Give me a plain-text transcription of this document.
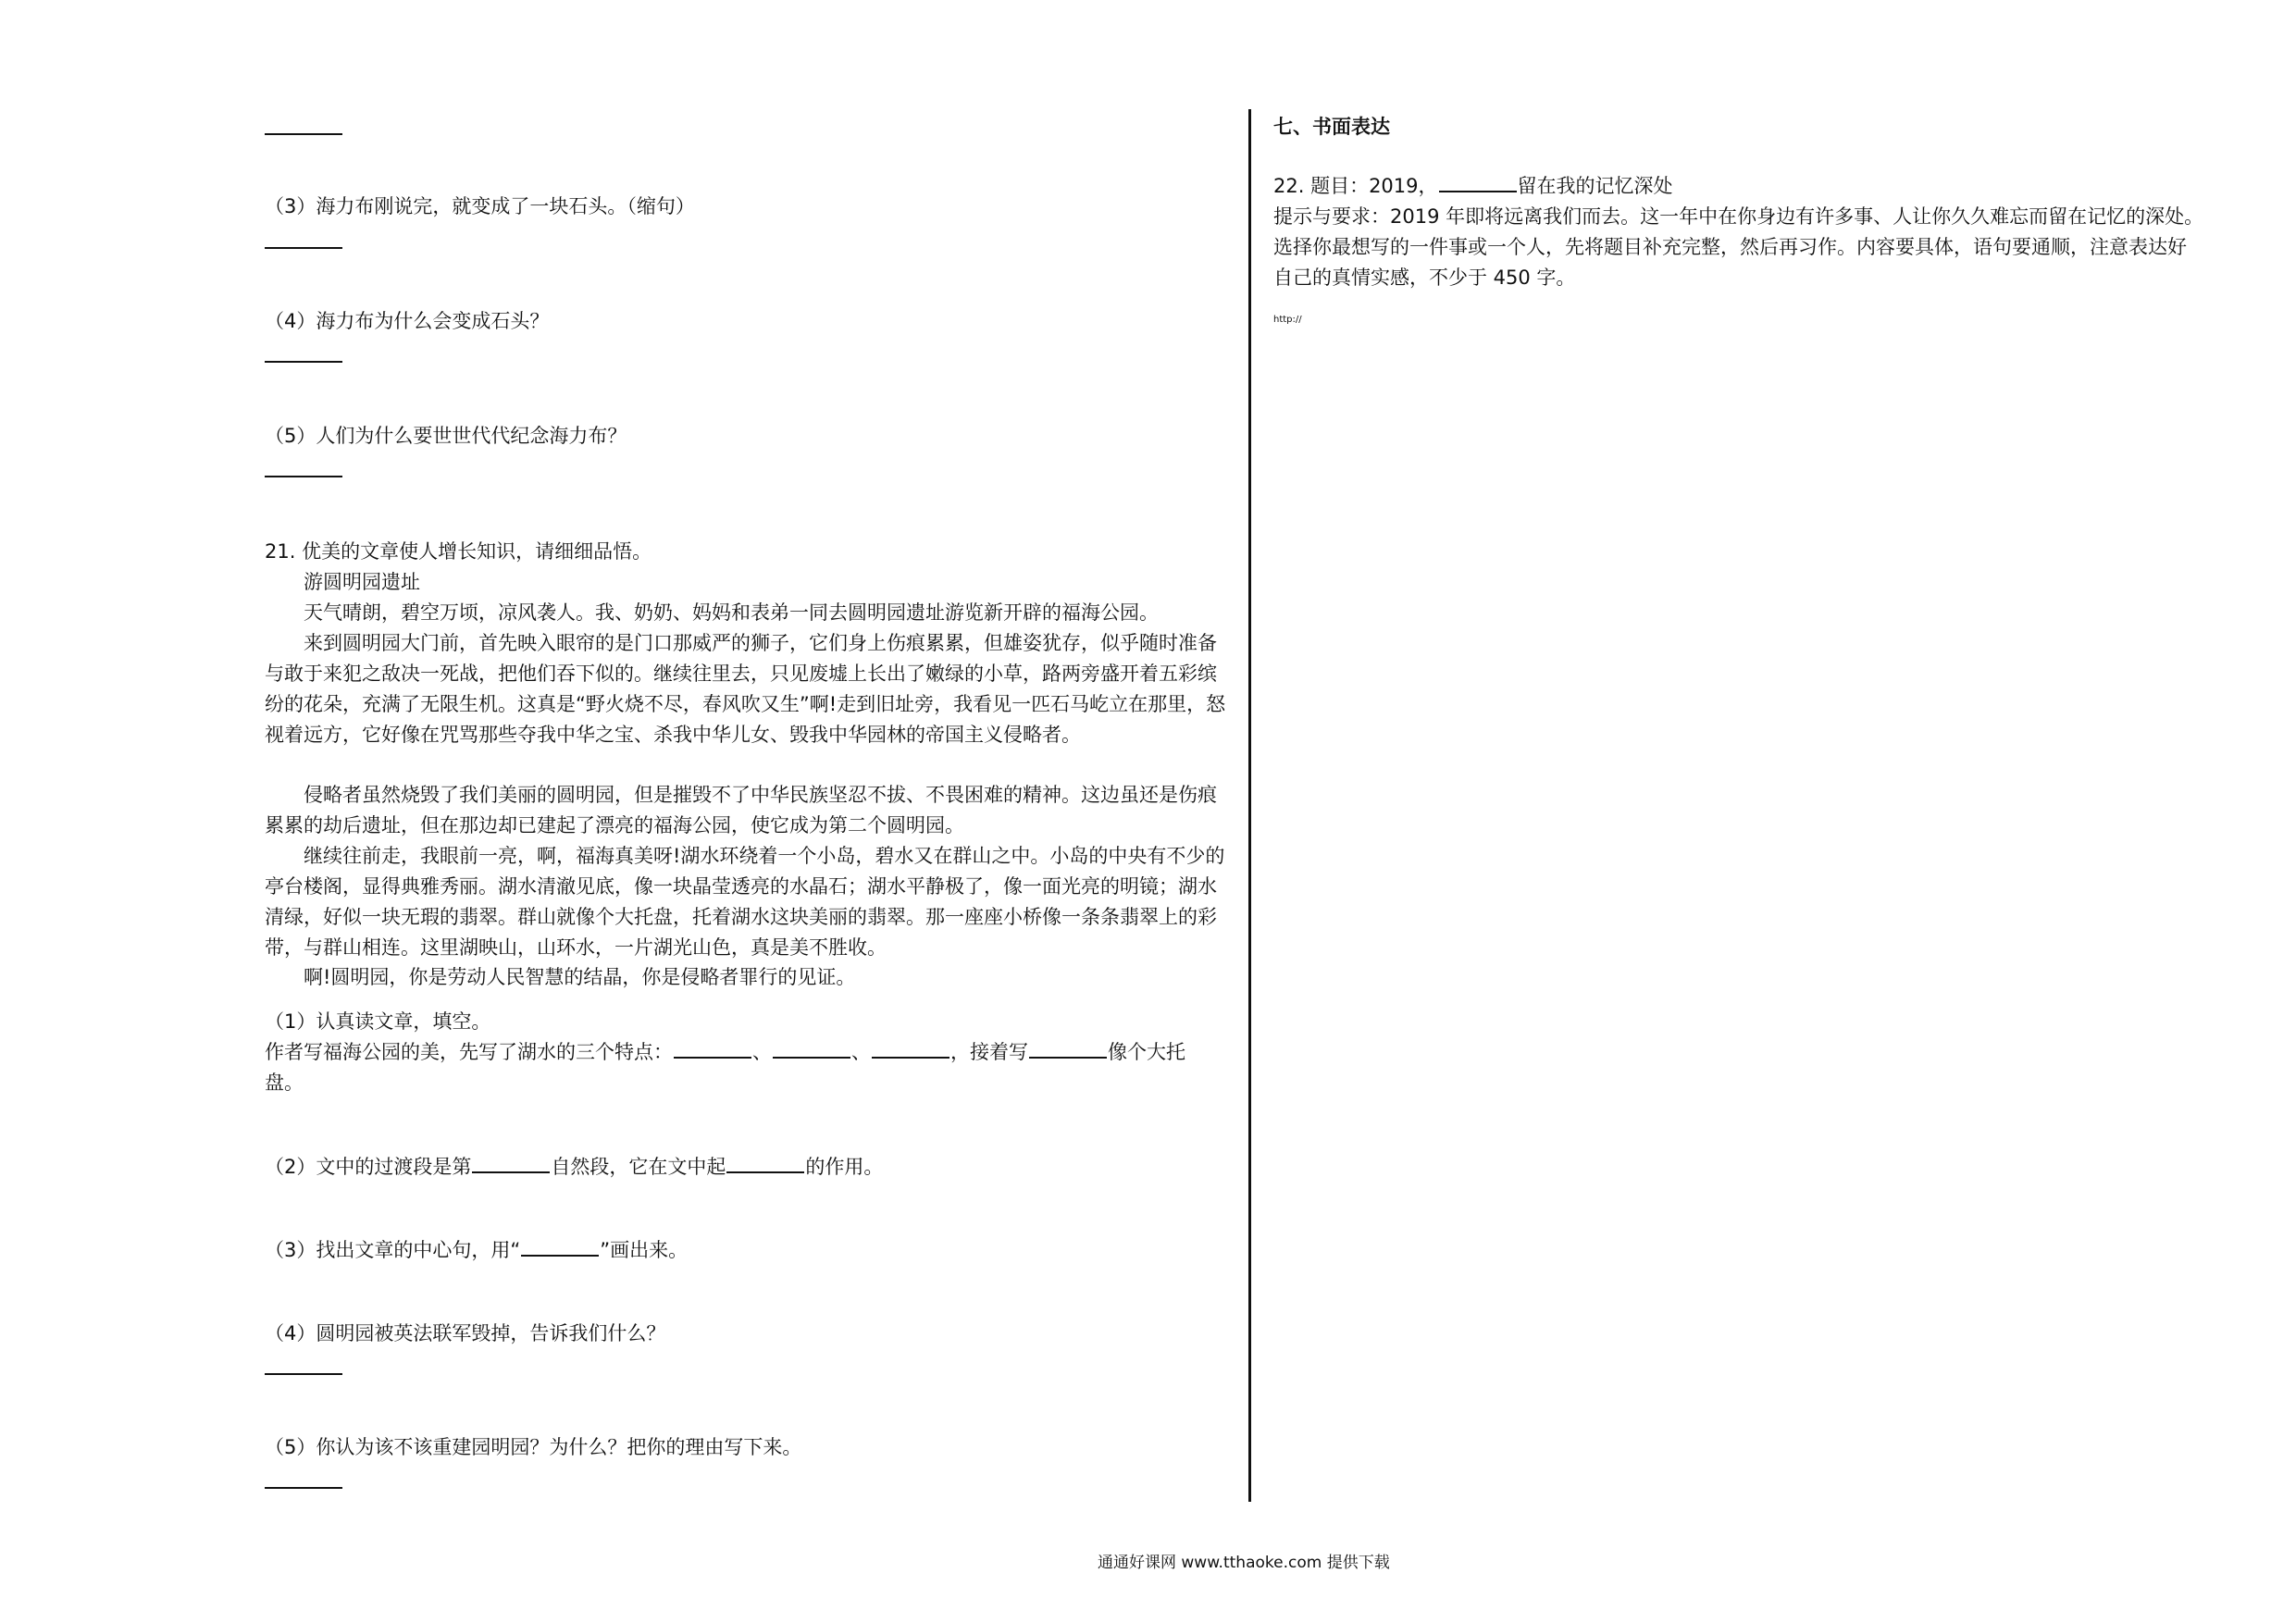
（3）海力布刚说完，就变成了一块石头。（缩句）
（4）海力布为什么会变成石头？
（5）人们为什么要世世代代纪念海力布？
21. 优美的文章使人增长知识，请细细品悟。
游圆明园遗址
天气晴朗，碧空万顷，凉风袭人。我、奶奶、妈妈和表弟一同去圆明园遗址游览新开辟的福海公园。
来到圆明园大门前，首先映入眼帘的是门口那威严的狮子，它们身上伤痕累累，但雄姿犹存，似乎随时准备与敢于来犯之敌决一死战，把他们吞下似的。继续往里去，只见废墟上长出了嫩绿的小草，路两旁盛开着五彩缤纷的花朵，充满了无限生机。这真是“野火烧不尽，春风吹又生”啊!走到旧址旁，我看见一匹石马屹立在那里，怒视着远方，它好像在咒骂那些夺我中华之宝、杀我中华儿女、毁我中华园林的帝国主义侵略者。
侵略者虽然烧毁了我们美丽的圆明园，但是摧毁不了中华民族坚忍不拔、不畏困难的精神。这边虽还是伤痕累累的劫后遗址，但在那边却已建起了漂亮的福海公园，使它成为第二个圆明园。
继续往前走，我眼前一亮，啊，福海真美呀!湖水环绕着一个小岛，碧水又在群山之中。小岛的中央有不少的亭台楼阁，显得典雅秀丽。湖水清澈见底，像一块晶莹透亮的水晶石；湖水平静极了，像一面光亮的明镜；湖水清绿，好似一块无瑕的翡翠。群山就像个大托盘，托着湖水这块美丽的翡翠。那一座座小桥像一条条翡翠上的彩带，与群山相连。这里湖映山，山环水，一片湖光山色，真是美不胜收。
啊!圆明园，你是劳动人民智慧的结晶，你是侵略者罪行的见证。
（1）认真读文章，填空。
作者写福海公园的美，先写了湖水的三个特点：	、	、	，接着写	像个大托
盘。
（2）文中的过渡段是第	自然段，它在文中起	的作用。
（3）找出文章的中心句，用“	”画出来。
（4）圆明园被英法联军毁掉，告诉我们什么？
（5）你认为该不该重建园明园？为什么？把你的理由写下来。
七、书面表达
22. 题目：2019，	留在我的记忆深处
提示与要求：2019 年即将远离我们而去。这一年中在你身边有许多事、人让你久久难忘而留在记忆的深处。
选择你最想写的一件事或一个人，先将题目补充完整，然后再习作。内容要具体，语句要通顺，注意表达好
自己的真情实感，不少于 450 字。
http://
通通好课网 www.tthaoke.com 提供下载
